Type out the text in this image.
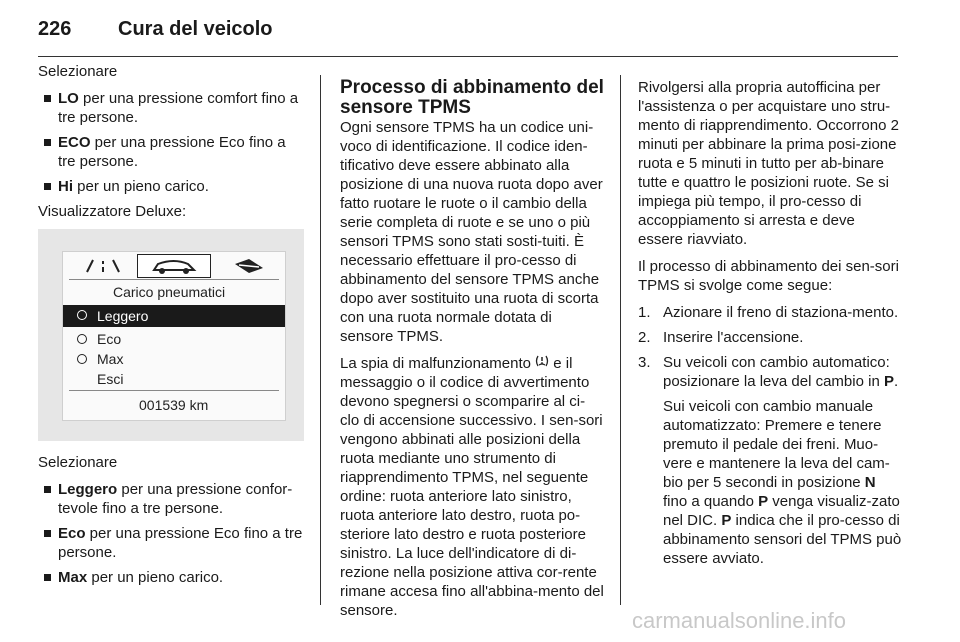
226 Cura del veicolo

Selezionare

LO per una pressione comfort fino a tre persone.
ECO per una pressione Eco fino a tre persone.
Hi per un pieno carico.

Visualizzatore Deluxe:

Carico pneumatici
Leggero
Eco
Max
Esci
001539 km

Selezionare

Leggero per una pressione confor-tevole fino a tre persone.
Eco per una pressione Eco fino a tre persone.
Max per un pieno carico.
Processo di abbinamento del sensore TPMS

Ogni sensore TPMS ha un codice uni-voco di identificazione. Il codice iden-tificativo deve essere abbinato alla posizione di una nuova ruota dopo aver fatto ruotare le ruote o il cambio della serie completa di ruote e se uno o più sensori TPMS sono stati sosti-tuiti. È necessario effettuare il pro-cesso di abbinamento del sensore TPMS anche dopo aver sostituito una ruota di scorta con una ruota normale dotata di sensore TPMS.

La spia di malfunzionamento  e il messaggio o il codice di avvertimento devono spegnersi o scomparire al ci-clo di accensione successivo. I sen-sori vengono abbinati alle posizioni della ruota mediante uno strumento di riapprendimento TPMS, nel seguente ordine: ruota anteriore lato sinistro, ruota anteriore lato destro, ruota po-steriore lato destro e ruota posteriore sinistro. La luce dell'indicatore di di-rezione nella posizione attiva cor-rente rimane accesa fino all'abbina-mento del sensore.

Rivolgersi alla propria autofficina per l'assistenza o per acquistare uno stru-mento di riapprendimento. Occorrono 2 minuti per abbinare la prima posi-zione ruota e 5 minuti in tutto per ab-binare tutte e quattro le posizioni ruote. Se si impiega più tempo, il pro-cesso di accoppiamento si arresta e deve essere riavviato.

Il processo di abbinamento dei sen-sori TPMS si svolge come segue:

1. Azionare il freno di staziona-mento.
2. Inserire l'accensione.
3. Su veicoli con cambio automatico: posizionare la leva del cambio in P.

Sui veicoli con cambio manuale automatizzato: Premere e tenere premuto il pedale dei freni. Muo-vere e mantenere la leva del cam-bio per 5 secondi in posizione N fino a quando P venga visualiz-zato nel DIC. P indica che il pro-cesso di abbinamento sensori del TPMS può essere avviato.

carmanualsonline.info
